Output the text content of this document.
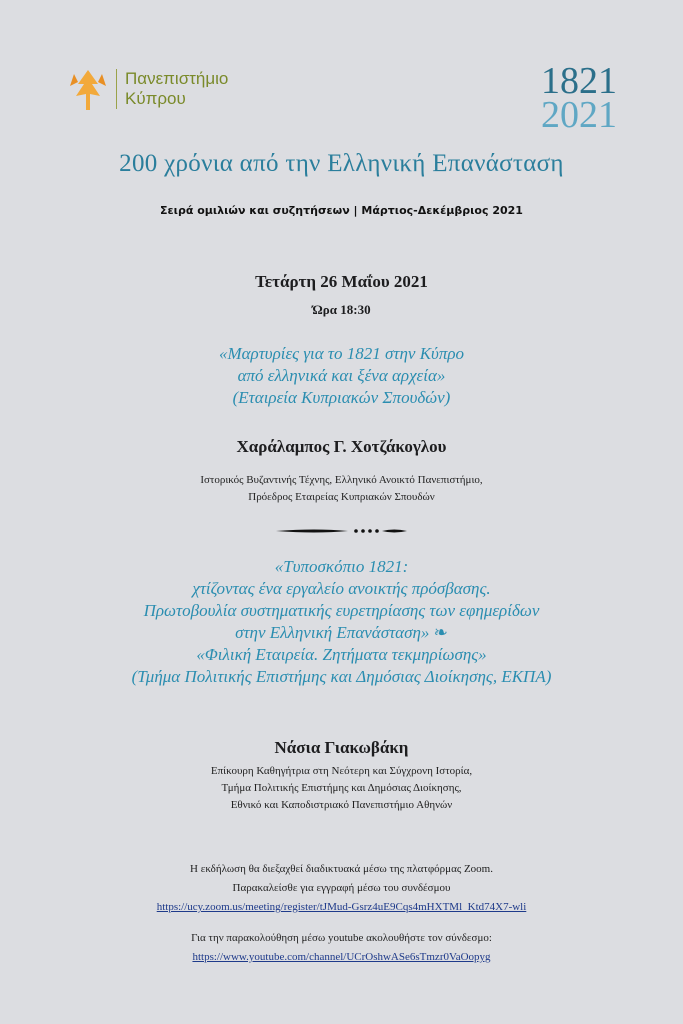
Πανεπιστήμιο
Κύπρου	1821
2021
200 χρόνια από την Ελληνική Επανάσταση
Σειρά ομιλιών και συζητήσεων | Μάρτιος-Δεκέμβριος 2021
Τετάρτη 26 Μαΐου 2021
Ώρα 18:30
«Μαρτυρίες για το 1821 στην Κύπρο
από ελληνικά και ξένα αρχεία»
(Εταιρεία Κυπριακών Σπουδών)
Χαράλαμπος Γ. Χοτζάκογλου
Ιστορικός Βυζαντινής Τέχνης, Ελληνικό Ανοικτό Πανεπιστήμιο,
Πρόεδρος Εταιρείας Κυπριακών Σπουδών
«Τυποσκόπιο 1821:
χτίζοντας ένα εργαλείο ανοικτής πρόσβασης.
Πρωτοβουλία συστηματικής ευρετηρίασης των εφημερίδων
στην Ελληνική Επανάσταση» ❧
«Φιλική Εταιρεία. Ζητήματα τεκμηρίωσης»
(Τμήμα Πολιτικής Επιστήμης και Δημόσιας Διοίκησης, ΕΚΠΑ)
Νάσια Γιακωβάκη
Επίκουρη Καθηγήτρια στη Νεότερη και Σύγχρονη Ιστορία,
Τμήμα Πολιτικής Επιστήμης και Δημόσιας Διοίκησης,
Εθνικό και Καποδιστριακό Πανεπιστήμιο Αθηνών
Η εκδήλωση θα διεξαχθεί διαδικτυακά μέσω της πλατφόρμας Zoom.
Παρακαλείσθε για εγγραφή μέσω του συνδέσμου
https://ucy.zoom.us/meeting/register/tJMud-Gsrz4uE9Cqs4mHXTMl_Ktd74X7-wli
Για την παρακολούθηση μέσω youtube ακολουθήστε τον σύνδεσμο:
https://www.youtube.com/channel/UCrOshwASe6sTmzr0VaOopyg
